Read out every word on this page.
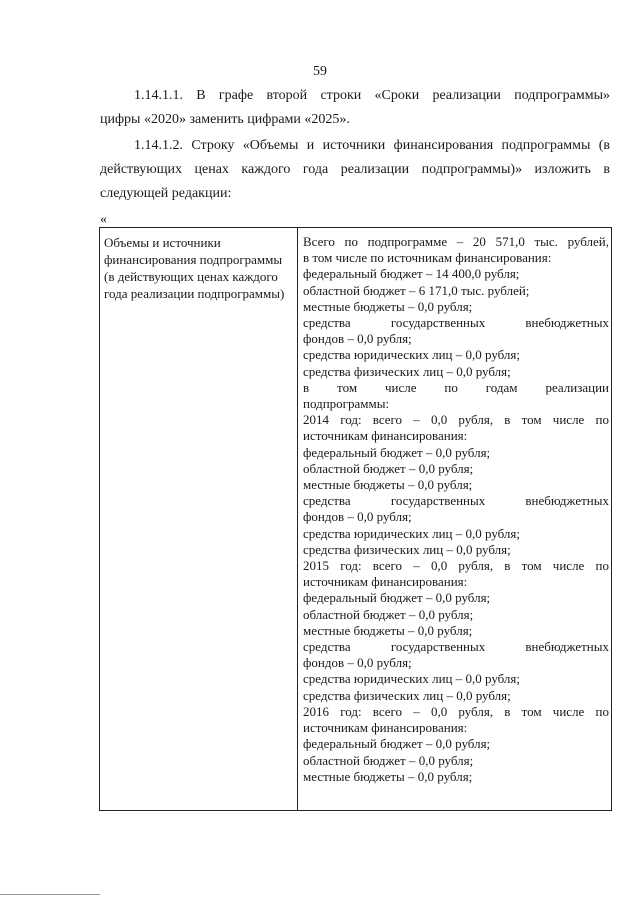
59
1.14.1.1. В графе второй строки «Сроки реализации подпрограммы»
цифры «2020» заменить цифрами «2025».
1.14.1.2. Строку «Объемы и источники финансирования подпрограммы (в
действующих ценах каждого года реализации подпрограммы)» изложить в
следующей редакции:
«
Объемы и источники финансирования подпрограммы (в действующих ценах каждого года реализации подпрограммы)
Всего по подпрограмме – 20 571,0 тыс. рублей,
в том числе по источникам финансирования:
федеральный бюджет – 14 400,0 рубля;
областной бюджет – 6 171,0 тыс. рублей;
местные бюджеты – 0,0 рубля;
средства государственных внебюджетных
фондов – 0,0 рубля;
средства юридических лиц – 0,0 рубля;
средства физических лиц – 0,0 рубля;
в том числе по годам реализации
подпрограммы:
2014 год: всего – 0,0 рубля, в том числе по
источникам финансирования:
федеральный бюджет – 0,0 рубля;
областной бюджет – 0,0 рубля;
местные бюджеты – 0,0 рубля;
средства государственных внебюджетных
фондов – 0,0 рубля;
средства юридических лиц – 0,0 рубля;
средства физических лиц – 0,0 рубля;
2015 год: всего – 0,0 рубля, в том числе по
источникам финансирования:
федеральный бюджет – 0,0 рубля;
областной бюджет – 0,0 рубля;
местные бюджеты – 0,0 рубля;
средства государственных внебюджетных
фондов – 0,0 рубля;
средства юридических лиц – 0,0 рубля;
средства физических лиц – 0,0 рубля;
2016 год: всего – 0,0 рубля, в том числе по
источникам финансирования:
федеральный бюджет – 0,0 рубля;
областной бюджет – 0,0 рубля;
местные бюджеты – 0,0 рубля;
